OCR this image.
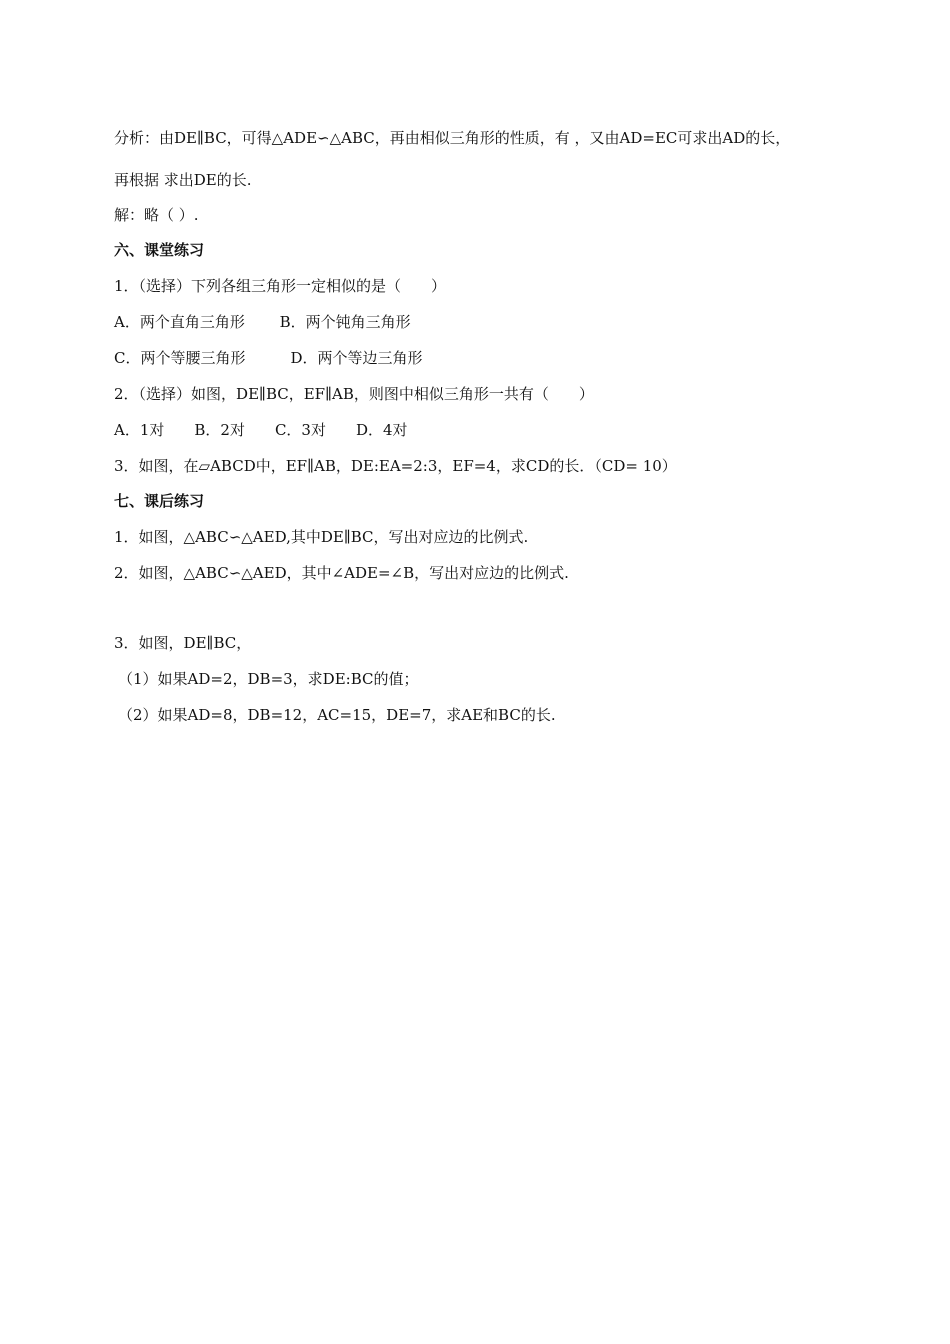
分析：由DE∥BC，可得△ADE∽△ABC，再由相似三角形的性质，有 ，又由AD=EC可求出AD的长，
再根据 求出DE的长.
解：略（ ）.
六、课堂练习
1．（选择）下列各组三角形一定相似的是（　　）
A．两个直角三角形　　 B．两个钝角三角形
C．两个等腰三角形　　　D．两个等边三角形
2．（选择）如图，DE∥BC，EF∥AB，则图中相似三角形一共有（　　）
A．1对　　B．2对　　C．3对　　D．4对
3．如图，在▱ABCD中，EF∥AB，DE:EA=2:3，EF=4，求CD的长．（CD= 10）
七、课后练习
1．如图，△ABC∽△AED,其中DE∥BC，写出对应边的比例式.
2．如图，△ABC∽△AED，其中∠ADE=∠B，写出对应边的比例式.
3．如图，DE∥BC，
（1）如果AD=2，DB=3，求DE:BC的值；
（2）如果AD=8，DB=12，AC=15，DE=7，求AE和BC的长.
